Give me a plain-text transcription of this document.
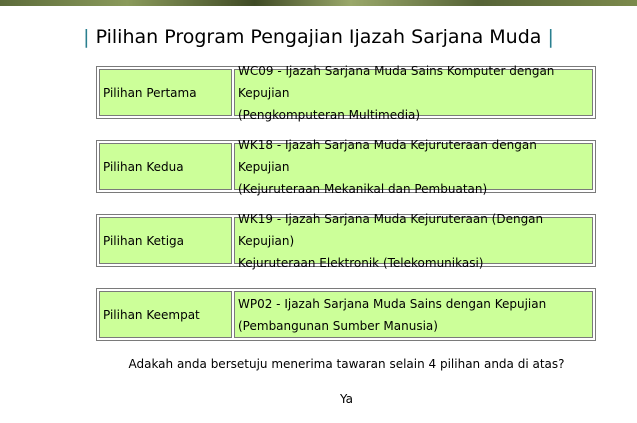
| Pilihan Program Pengajian Ijazah Sarjana Muda |
Pilihan Pertama
WC09 - Ijazah Sarjana Muda Sains Komputer dengan Kepujian
(Pengkomputeran Multimedia)
Pilihan Kedua
WK18 - Ijazah Sarjana Muda Kejuruteraan dengan Kepujian
(Kejuruteraan Mekanikal dan Pembuatan)
Pilihan Ketiga
WK19 - Ijazah Sarjana Muda Kejuruteraan (Dengan Kepujian)
Kejuruteraan Elektronik (Telekomunikasi)
Pilihan Keempat
WP02 - Ijazah Sarjana Muda Sains dengan Kepujian
(Pembangunan Sumber Manusia)
Adakah anda bersetuju menerima tawaran selain 4 pilihan anda di atas?
Ya
